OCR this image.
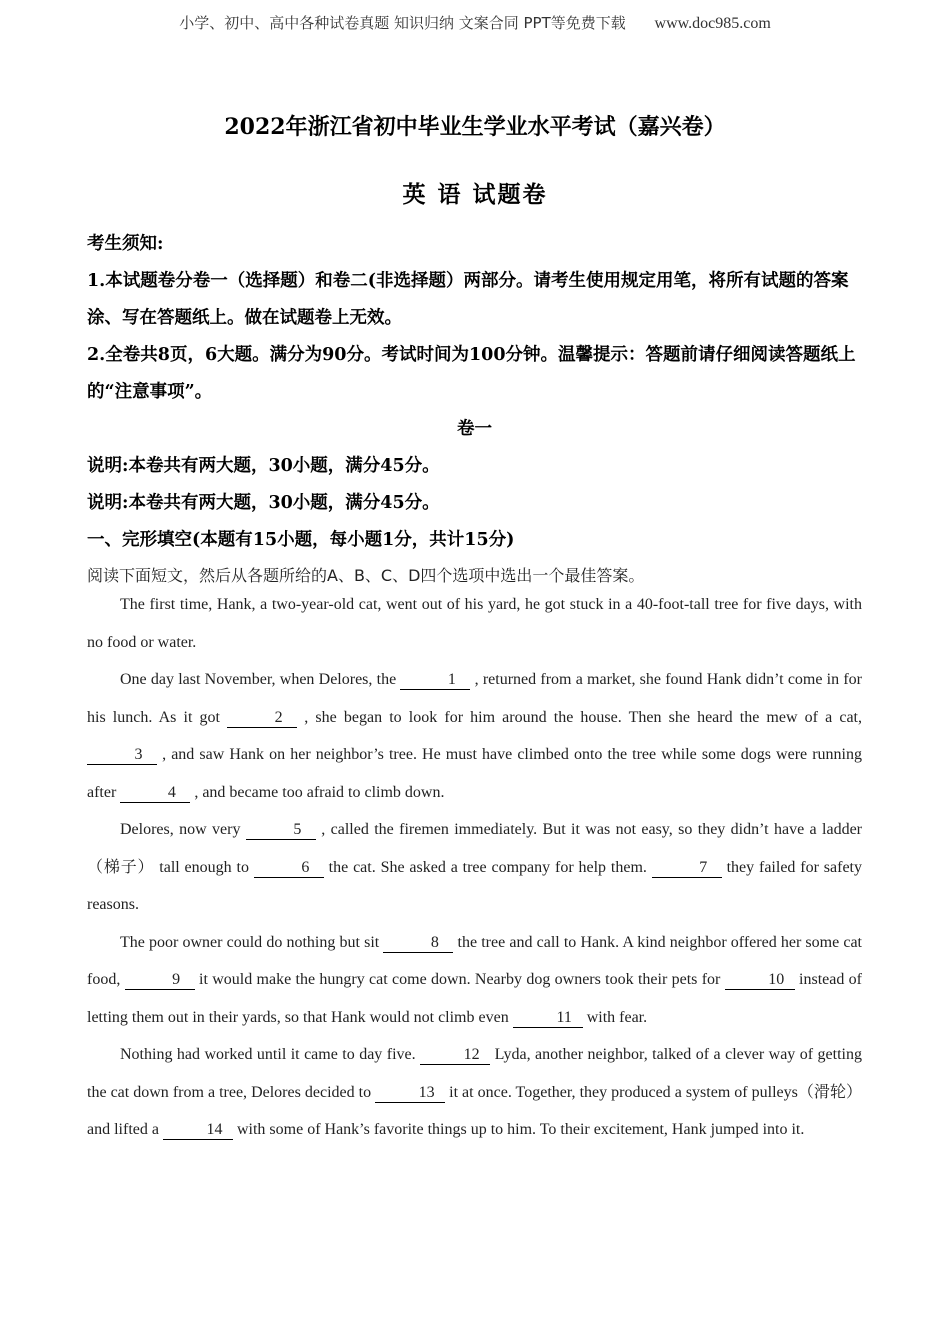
小学、初中、高中各种试卷真题 知识归纳 文案合同 PPT等免费下载 www.doc985.com
2022年浙江省初中毕业生学业水平考试（嘉兴卷）
英 语 试题卷
考生须知:
1.本试题卷分卷一（选择题）和卷二(非选择题）两部分。请考生使用规定用笔，将所有试题的答案涂、写在答题纸上。做在试题卷上无效。
2.全卷共8页，6大题。满分为90分。考试时间为100分钟。温馨提示：答题前请仔细阅读答题纸上的“注意事项”。
卷一
说明:本卷共有两大题，30小题，满分45分。
说明:本卷共有两大题，30小题，满分45分。
一、完形填空(本题有15小题，每小题1分，共计15分)
阅读下面短文，然后从各题所给的A、B、C、D四个选项中选出一个最佳答案。

The first time, Hank, a two-year-old cat, went out of his yard, he got stuck in a 40-foot-tall tree for five days, with no food or water.

One day last November, when Delores, the	1 , returned from a market, she found Hank didn’t come in for his lunch. As it got	2 , she began to look for him around the house. Then she heard the mew of a cat, 3 , and saw Hank on her neighbor’s tree. He must have climbed onto the tree while some dogs were running after	4 , and became too afraid to climb down.

Delores, now very	5 , called the firemen immediately. But it was not easy, so they didn’t have a ladder（梯子） tall enough to	6 the cat. She asked a tree company for help them.	7 they failed for safety reasons.

The poor owner could do nothing but sit	8 the tree and call to Hank. A kind neighbor offered her some cat food,	9 it would make the hungry cat come down. Nearby dog owners took their pets for	10 instead of letting them out in their yards, so that Hank would not climb even	11 with fear.

Nothing had worked until it came to day five.	12 Lyda, another neighbor, talked of a clever way of getting the cat down from a tree, Delores decided to	13 it at once. Together, they produced a system of pulleys（滑轮） and lifted a	14 with some of Hank’s favorite things up to him. To their excitement, Hank jumped into it.
